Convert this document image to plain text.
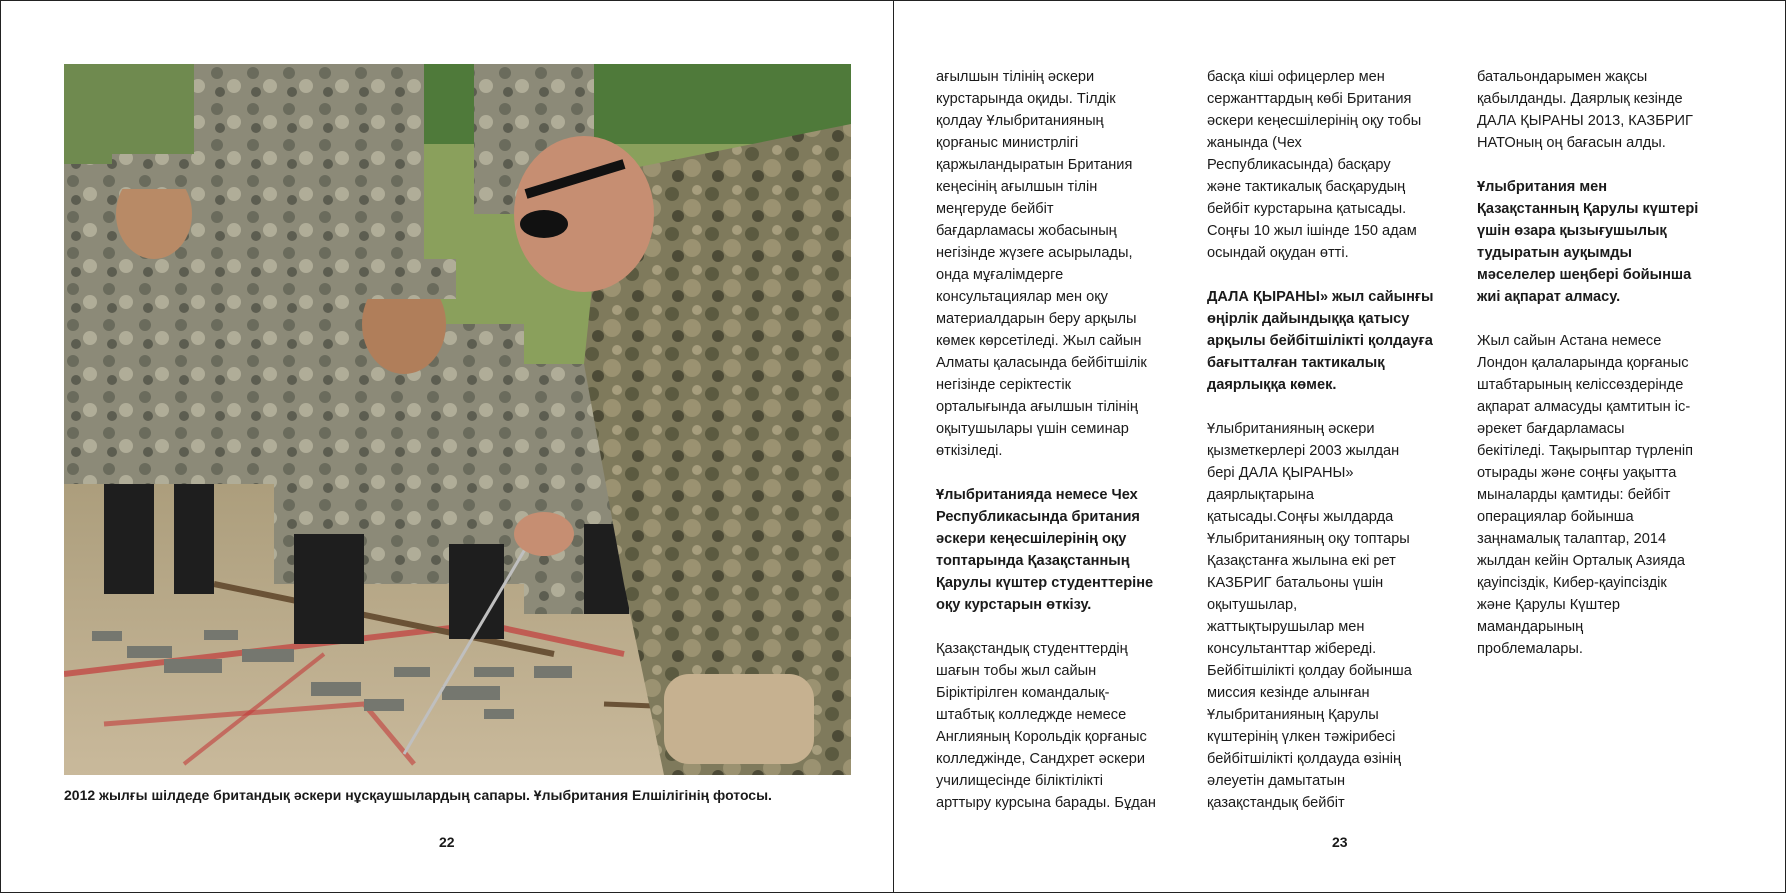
2012 жылғы шілдеде британдық әскери нұсқаушылардың сапары. Ұлыбритания Елшілігінің фотосы.
22

ағылшын тілінің әскери
курстарында оқиды. Тілдік
қолдау Ұлыбританияның
қорғаныс министрлігі
қаржыландыратын Британия
кеңесінің ағылшын тілін
меңгеруде бейбіт
бағдарламасы жобасының
негізінде жүзеге асырылады,
онда мұғалімдерге
консультациялар мен оқу
материалдарын беру арқылы
көмек көрсетіледі. Жыл сайын
Алматы қаласында бейбітшілік
негізінде серіктестік
орталығында ағылшын тілінің
оқытушылары үшін семинар
өткізіледі.

Ұлыбританияда немесе Чех
Республикасында британия
әскери кеңесшілерінің оқу
топтарында Қазақстанның
Қарулы күштер студенттеріне
оқу курстарын өткізу.

Қазақстандық студенттердің
шағын тобы жыл сайын
Біріктірілген командалық-
штабтық колледжде немесе
Англияның Корольдік қорғаныс
колледжінде, Сандхрет әскери
училищесінде біліктілікті
арттыру курсына барады. Бұдан

басқа кіші офицерлер мен
сержанттардың көбі Британия
әскери кеңесшілерінің оқу тобы
жанында (Чех
Республикасында) басқару
және тактикалық басқарудың
бейбіт курстарына қатысады.
Соңғы 10 жыл ішінде 150 адам
осындай оқудан өтті.

ДАЛА ҚЫРАНЫ» жыл сайынғы
өңірлік дайындыққа қатысу
арқылы бейбітшілікті қолдауға
бағытталған тактикалық
даярлыққа көмек.

Ұлыбританияның әскери
қызметкерлері 2003 жылдан
бері ДАЛА ҚЫРАНЫ»
даярлықтарына
қатысады.Соңғы жылдарда
Ұлыбританияның оқу топтары
Қазақстанға жылына екі рет
КАЗБРИГ батальоны үшін
оқытушылар,
жаттықтырушылар мен
консультанттар жібереді.
Бейбітшілікті қолдау бойынша
миссия кезінде алынған
Ұлыбританияның Қарулы
күштерінің үлкен тәжірибесі
бейбітшілікті қолдауда өзінің
әлеуетін дамытатын
қазақстандық бейбіт

батальондарымен жақсы
қабылданды. Даярлық кезінде
ДАЛА ҚЫРАНЫ 2013, КАЗБРИГ
НАТОның оң бағасын алды.

Ұлыбритания мен
Қазақстанның Қарулы күштері
үшін өзара қызығушылық
тудыратын ауқымды
мәселелер шеңбері бойынша
жиі ақпарат алмасу.

Жыл сайын Астана немесе
Лондон қалаларында қорғаныс
штабтарының келіссөздерінде
ақпарат алмасуды қамтитын іс-
әрекет бағдарламасы
бекітіледі. Тақырыптар түрленіп
отырады және соңғы уақытта
мыналарды қамтиды: бейбіт
операциялар бойынша
заңнамалық талаптар, 2014
жылдан кейін Орталық Азияда
қауіпсіздік, Кибер-қауіпсіздік
және Қарулы Күштер
мамандарының
проблемалары.

23
